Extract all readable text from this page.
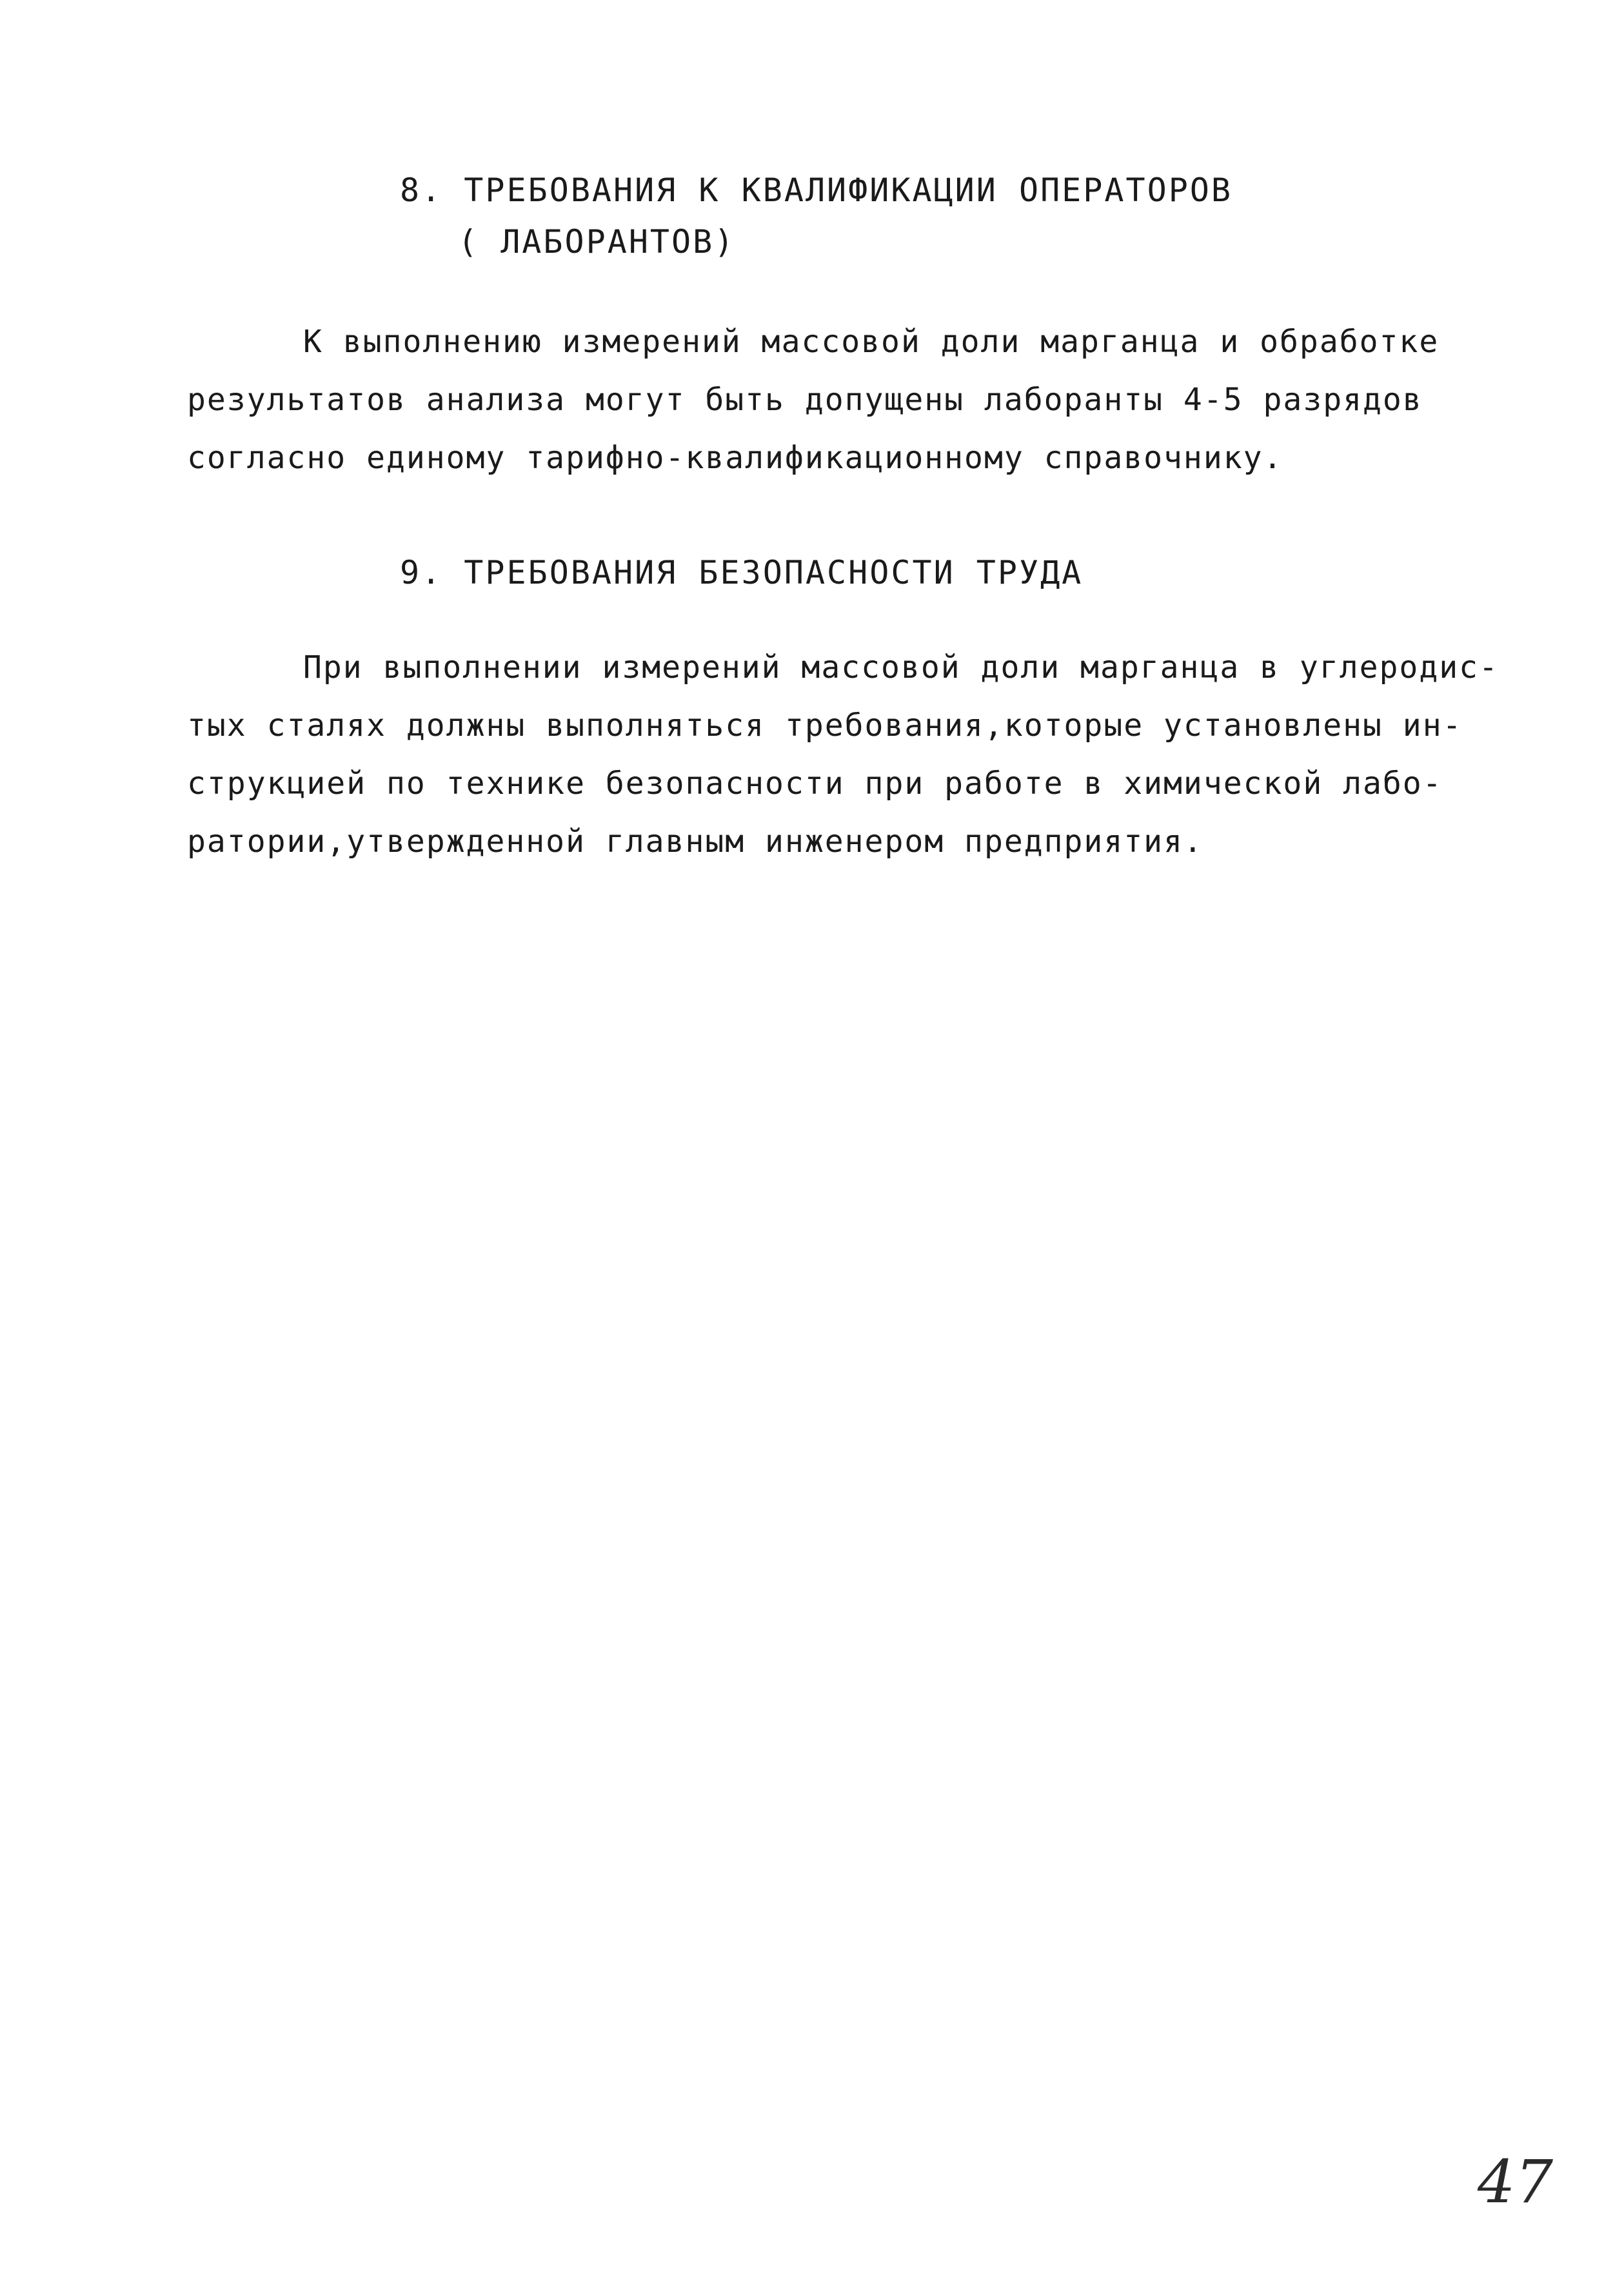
8. ТРЕБОВАНИЯ К КВАЛИФИКАЦИИ ОПЕРАТОРОВ
( ЛАБОРАНТОВ)
К выполнению измерений массовой доли марганца и обработке
результатов анализа могут быть допущены лаборанты 4-5 разрядов
согласно единому тарифно-квалификационному справочнику.
9. ТРЕБОВАНИЯ БЕЗОПАСНОСТИ ТРУДА
При выполнении измерений массовой доли марганца в углеродис-
тых сталях должны выполняться требования,которые установлены ин-
струкцией по технике безопасности при работе в химической лабо-
ратории,утвержденной главным инженером предприятия.
47
